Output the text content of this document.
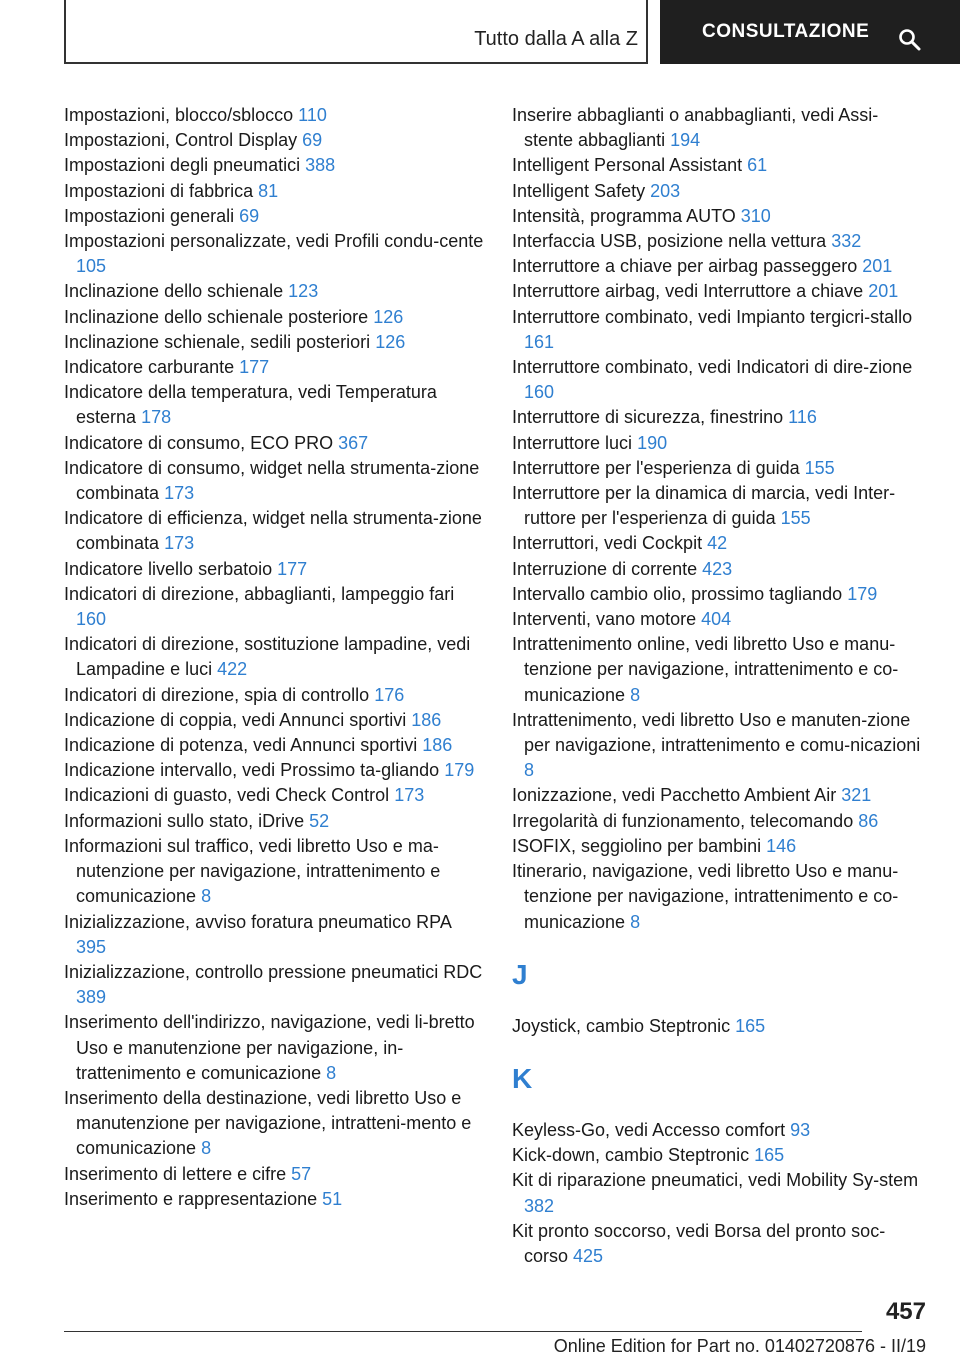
Tutto dalla A alla Z	CONSULTAZIONE

Impostazioni, blocco/sblocco 110

Impostazioni, Control Display 69

Impostazioni degli pneumatici 388

Impostazioni di fabbrica 81

Impostazioni generali 69

Impostazioni personalizzate, vedi Profili condu-cente 105

Inclinazione dello schienale 123

Inclinazione dello schienale posteriore 126

Inclinazione schienale, sedili posteriori 126

Indicatore carburante 177

Indicatore della temperatura, vedi Temperatura esterna 178

Indicatore di consumo, ECO PRO 367

Indicatore di consumo, widget nella strumenta-zione combinata 173

Indicatore di efficienza, widget nella strumenta-zione combinata 173

Indicatore livello serbatoio 177

Indicatori di direzione, abbaglianti, lampeggio fari 160

Indicatori di direzione, sostituzione lampadine, vedi Lampadine e luci 422

Indicatori di direzione, spia di controllo 176

Indicazione di coppia, vedi Annunci sportivi 186

Indicazione di potenza, vedi Annunci sportivi 186

Indicazione intervallo, vedi Prossimo ta-gliando 179

Indicazioni di guasto, vedi Check Control 173

Informazioni sullo stato, iDrive 52

Informazioni sul traffico, vedi libretto Uso e ma-nutenzione per navigazione, intrattenimento e comunicazione 8

Inizializzazione, avviso foratura pneumatico RPA 395

Inizializzazione, controllo pressione pneumatici RDC 389

Inserimento dell'indirizzo, navigazione, vedi li-bretto Uso e manutenzione per navigazione, in-trattenimento e comunicazione 8

Inserimento della destinazione, vedi libretto Uso e manutenzione per navigazione, intratteni-mento e comunicazione 8

Inserimento di lettere e cifre 57

Inserimento e rappresentazione 51

Inserire abbaglianti o anabbaglianti, vedi Assi-stente abbaglianti 194

Intelligent Personal Assistant 61

Intelligent Safety 203

Intensità, programma AUTO 310

Interfaccia USB, posizione nella vettura 332

Interruttore a chiave per airbag passeggero 201

Interruttore airbag, vedi Interruttore a chiave 201

Interruttore combinato, vedi Impianto tergicri-stallo 161

Interruttore combinato, vedi Indicatori di dire-zione 160

Interruttore di sicurezza, finestrino 116

Interruttore luci 190

Interruttore per l'esperienza di guida 155

Interruttore per la dinamica di marcia, vedi Inter-ruttore per l'esperienza di guida 155

Interruttori, vedi Cockpit 42

Interruzione di corrente 423

Intervallo cambio olio, prossimo tagliando 179

Interventi, vano motore 404

Intrattenimento online, vedi libretto Uso e manu-tenzione per navigazione, intrattenimento e co-municazione 8

Intrattenimento, vedi libretto Uso e manuten-zione per navigazione, intrattenimento e comu-nicazioni 8

Ionizzazione, vedi Pacchetto Ambient Air 321

Irregolarità di funzionamento, telecomando 86

ISOFIX, seggiolino per bambini 146

Itinerario, navigazione, vedi libretto Uso e manu-tenzione per navigazione, intrattenimento e co-municazione 8

J

Joystick, cambio Steptronic 165

K

Keyless-Go, vedi Accesso comfort 93

Kick-down, cambio Steptronic 165

Kit di riparazione pneumatici, vedi Mobility Sy-stem 382

Kit pronto soccorso, vedi Borsa del pronto soc-corso 425

457
Online Edition for Part no. 01402720876 - II/19
